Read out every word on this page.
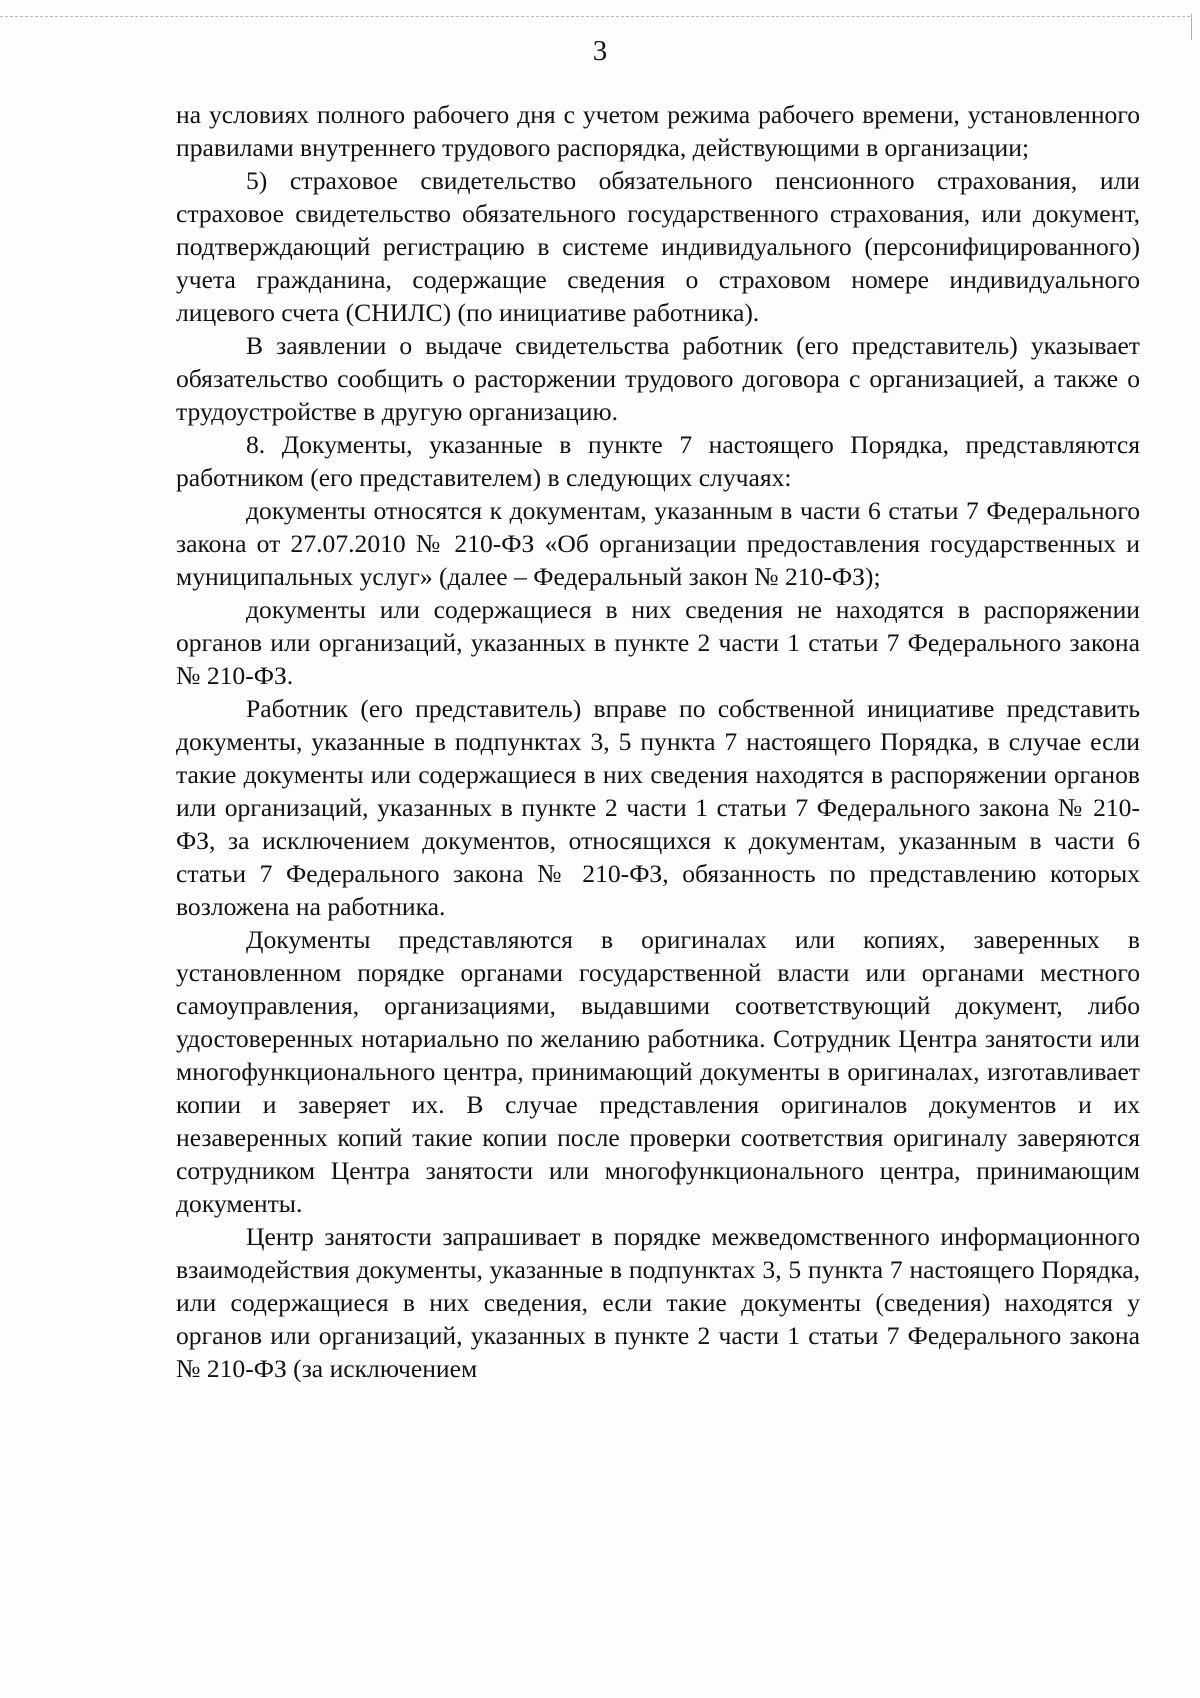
3

на условиях полного рабочего дня с учетом режима рабочего времени, установленного правилами внутреннего трудового распорядка, действующими в организации;

5) страховое свидетельство обязательного пенсионного страхования, или страховое свидетельство обязательного государственного страхования, или документ, подтверждающий регистрацию в системе индивидуального (персонифицированного) учета гражданина, содержащие сведения о страховом номере индивидуального лицевого счета (СНИЛС) (по инициативе работника).

В заявлении о выдаче свидетельства работник (его представитель) указывает обязательство сообщить о расторжении трудового договора с организацией, а также о трудоустройстве в другую организацию.

8. Документы, указанные в пункте 7 настоящего Порядка, представляются работником (его представителем) в следующих случаях:

документы относятся к документам, указанным в части 6 статьи 7 Федерального закона от 27.07.2010 № 210-ФЗ «Об организации предоставления государственных и муниципальных услуг» (далее – Федеральный закон № 210-ФЗ);

документы или содержащиеся в них сведения не находятся в распоряжении органов или организаций, указанных в пункте 2 части 1 статьи 7 Федерального закона № 210-ФЗ.

Работник (его представитель) вправе по собственной инициативе представить документы, указанные в подпунктах 3, 5 пункта 7 настоящего Порядка, в случае если такие документы или содержащиеся в них сведения находятся в распоряжении органов или организаций, указанных в пункте 2 части 1 статьи 7 Федерального закона № 210-ФЗ, за исключением документов, относящихся к документам, указанным в части 6 статьи 7 Федерального закона № 210-ФЗ, обязанность по представлению которых возложена на работника.

Документы представляются в оригиналах или копиях, заверенных в установленном порядке органами государственной власти или органами местного самоуправления, организациями, выдавшими соответствующий документ, либо удостоверенных нотариально по желанию работника. Сотрудник Центра занятости или многофункционального центра, принимающий документы в оригиналах, изготавливает копии и заверяет их. В случае представления оригиналов документов и их незаверенных копий такие копии после проверки соответствия оригиналу заверяются сотрудником Центра занятости или многофункционального центра, принимающим документы.

Центр занятости запрашивает в порядке межведомственного информационного взаимодействия документы, указанные в подпунктах 3, 5 пункта 7 настоящего Порядка, или содержащиеся в них сведения, если такие документы (сведения) находятся у органов или организаций, указанных в пункте 2 части 1 статьи 7 Федерального закона № 210-ФЗ (за исключением
